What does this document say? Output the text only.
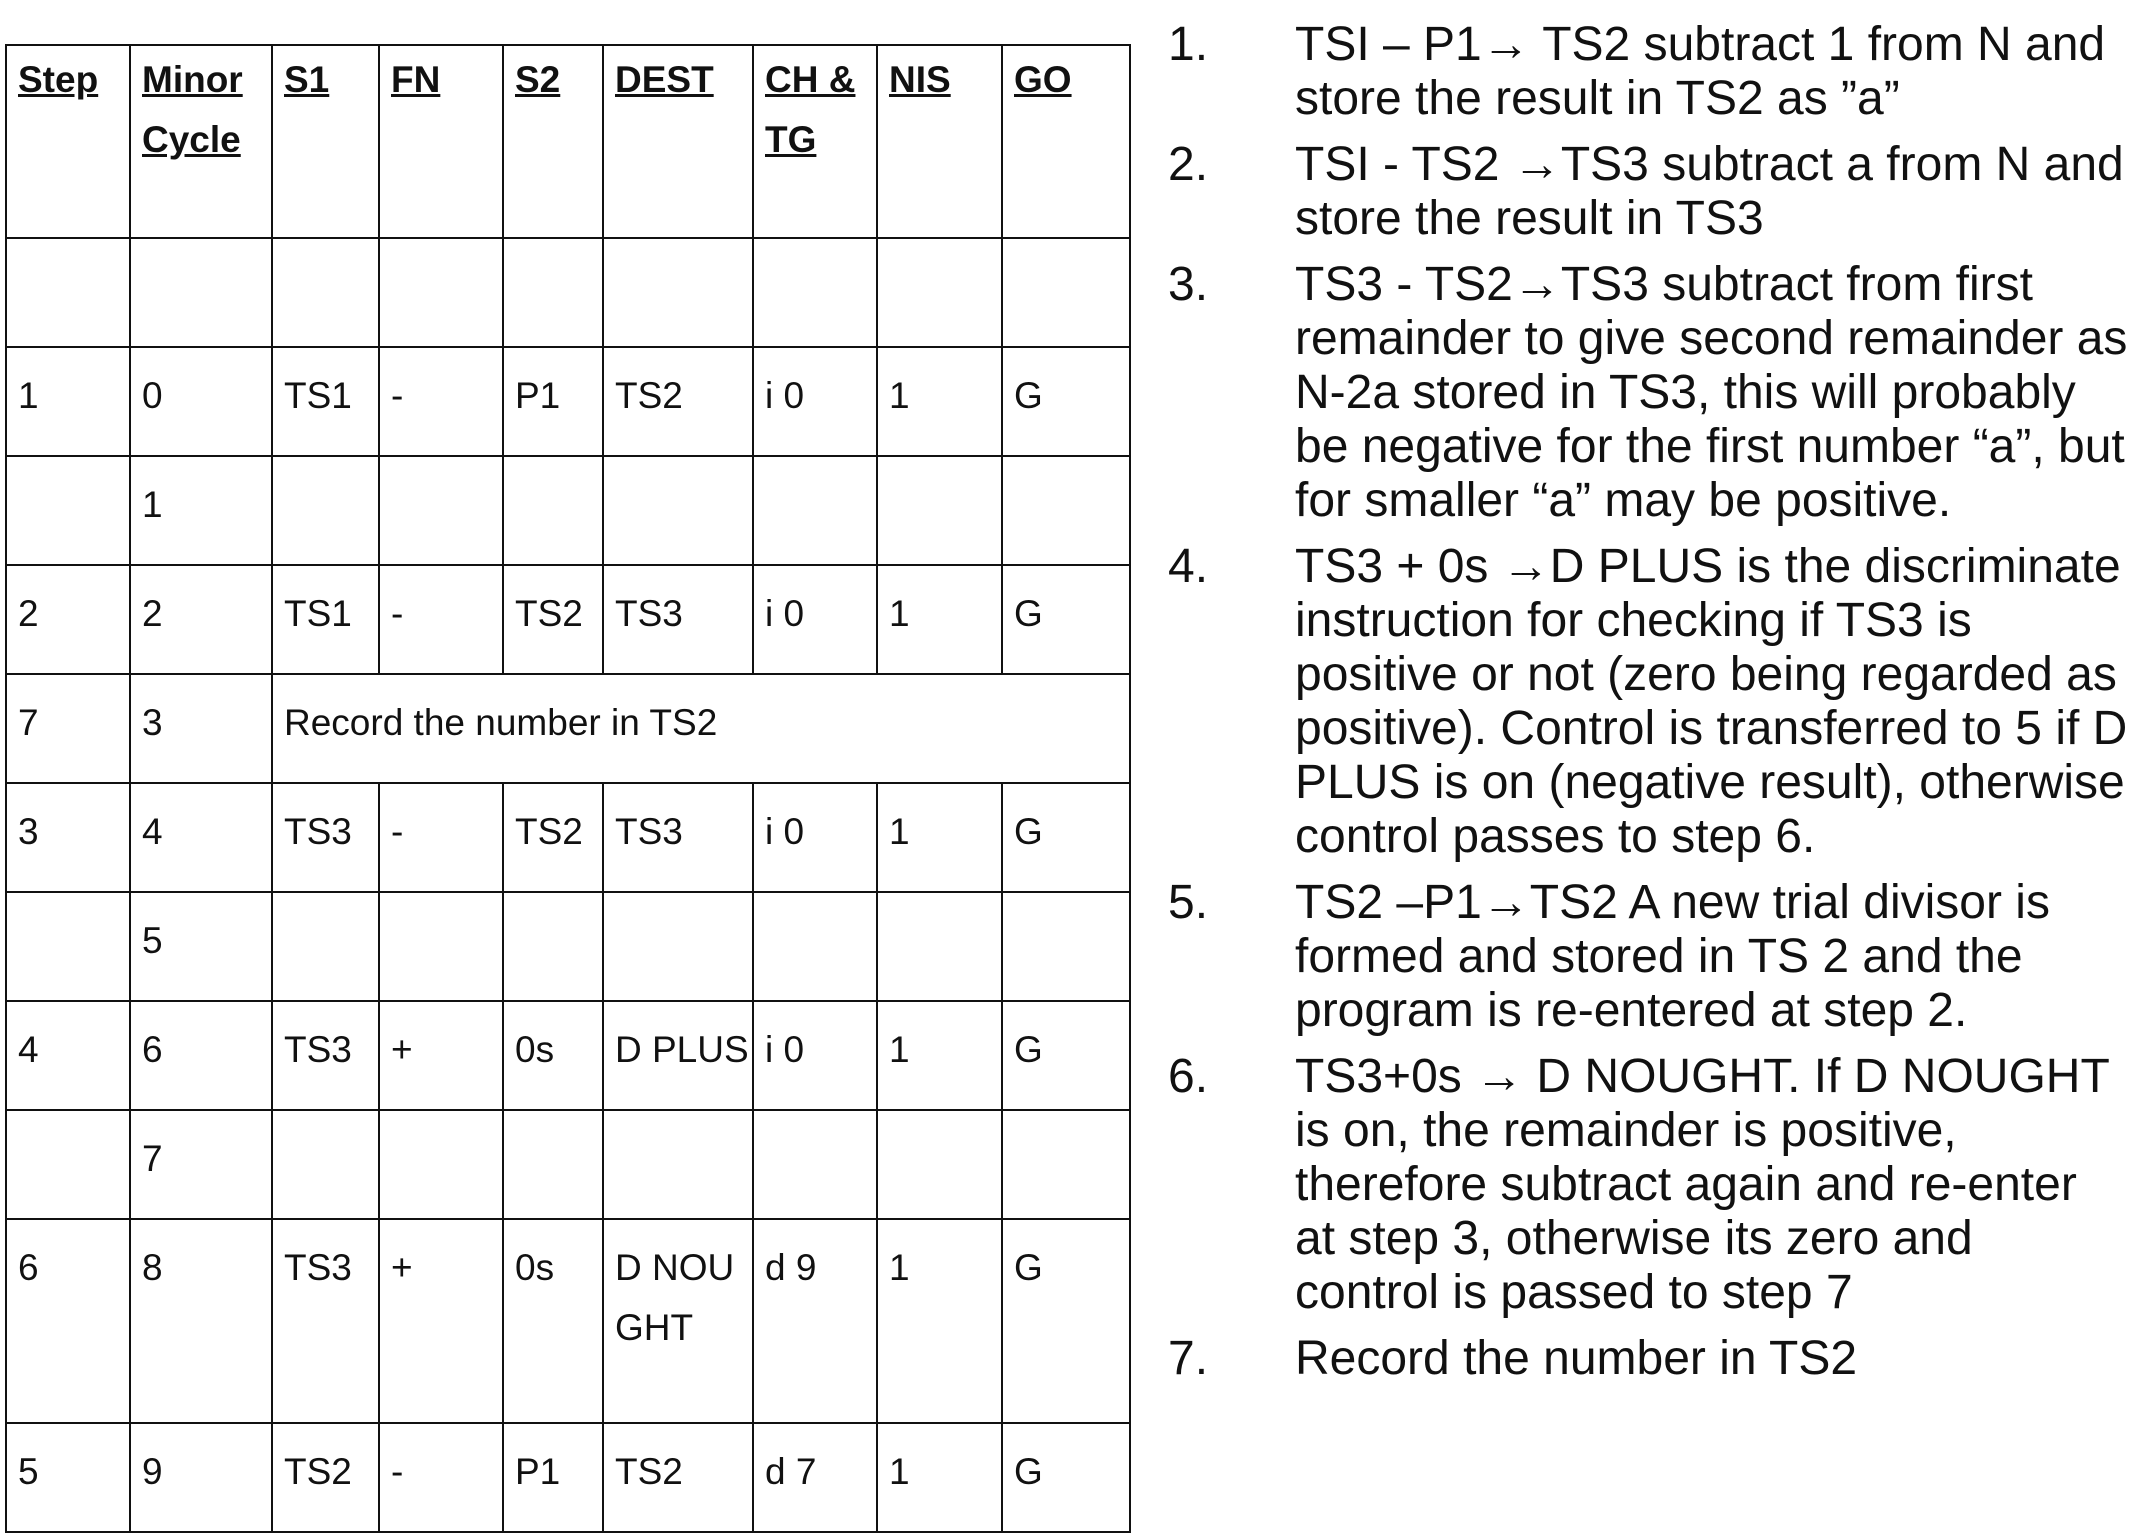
Step	Minor Cycle	S1	FN	S2	DEST	CH &TG	NIS	GO

1	0	TS1	-	P1	TS2	i 0	1	G
	1							
2	2	TS1	-	TS2	TS3	i 0	1	G
7	3	Record the number in TS2						
3	4	TS3	-	TS2	TS3	i 0	1	G
	5							
4	6	TS3	+	0s	D PLUS	i 0	1	G
	7							
6	8	TS3	+	0s	D NOUGHT	d 9	1	G
5	9	TS2	-	P1	TS2	d 7	1	G
1. TSI – P1→ TS2 subtract 1 from N and store the result in TS2 as ”a”
2. TSI - TS2 →TS3 subtract a from N and store the result in TS3
3. TS3 - TS2→TS3 subtract from first remainder to give second remainder as N-2a stored in TS3, this will probably be negative for the first number “a”, but for smaller “a” may be positive.
4. TS3 + 0s →D PLUS is the discriminate instruction for checking if TS3 is positive or not (zero being regarded as positive). Control is transferred to 5 if D PLUS is on (negative result), otherwise control passes to step 6.
5. TS2 –P1→TS2 A new trial divisor is formed and stored in TS 2 and the program is re-entered at step 2.
6. TS3+0s → D NOUGHT. If D NOUGHT is on, the remainder is positive, therefore subtract again and re-enter at step 3, otherwise its zero and control is passed to step 7
7. Record the number in TS2
